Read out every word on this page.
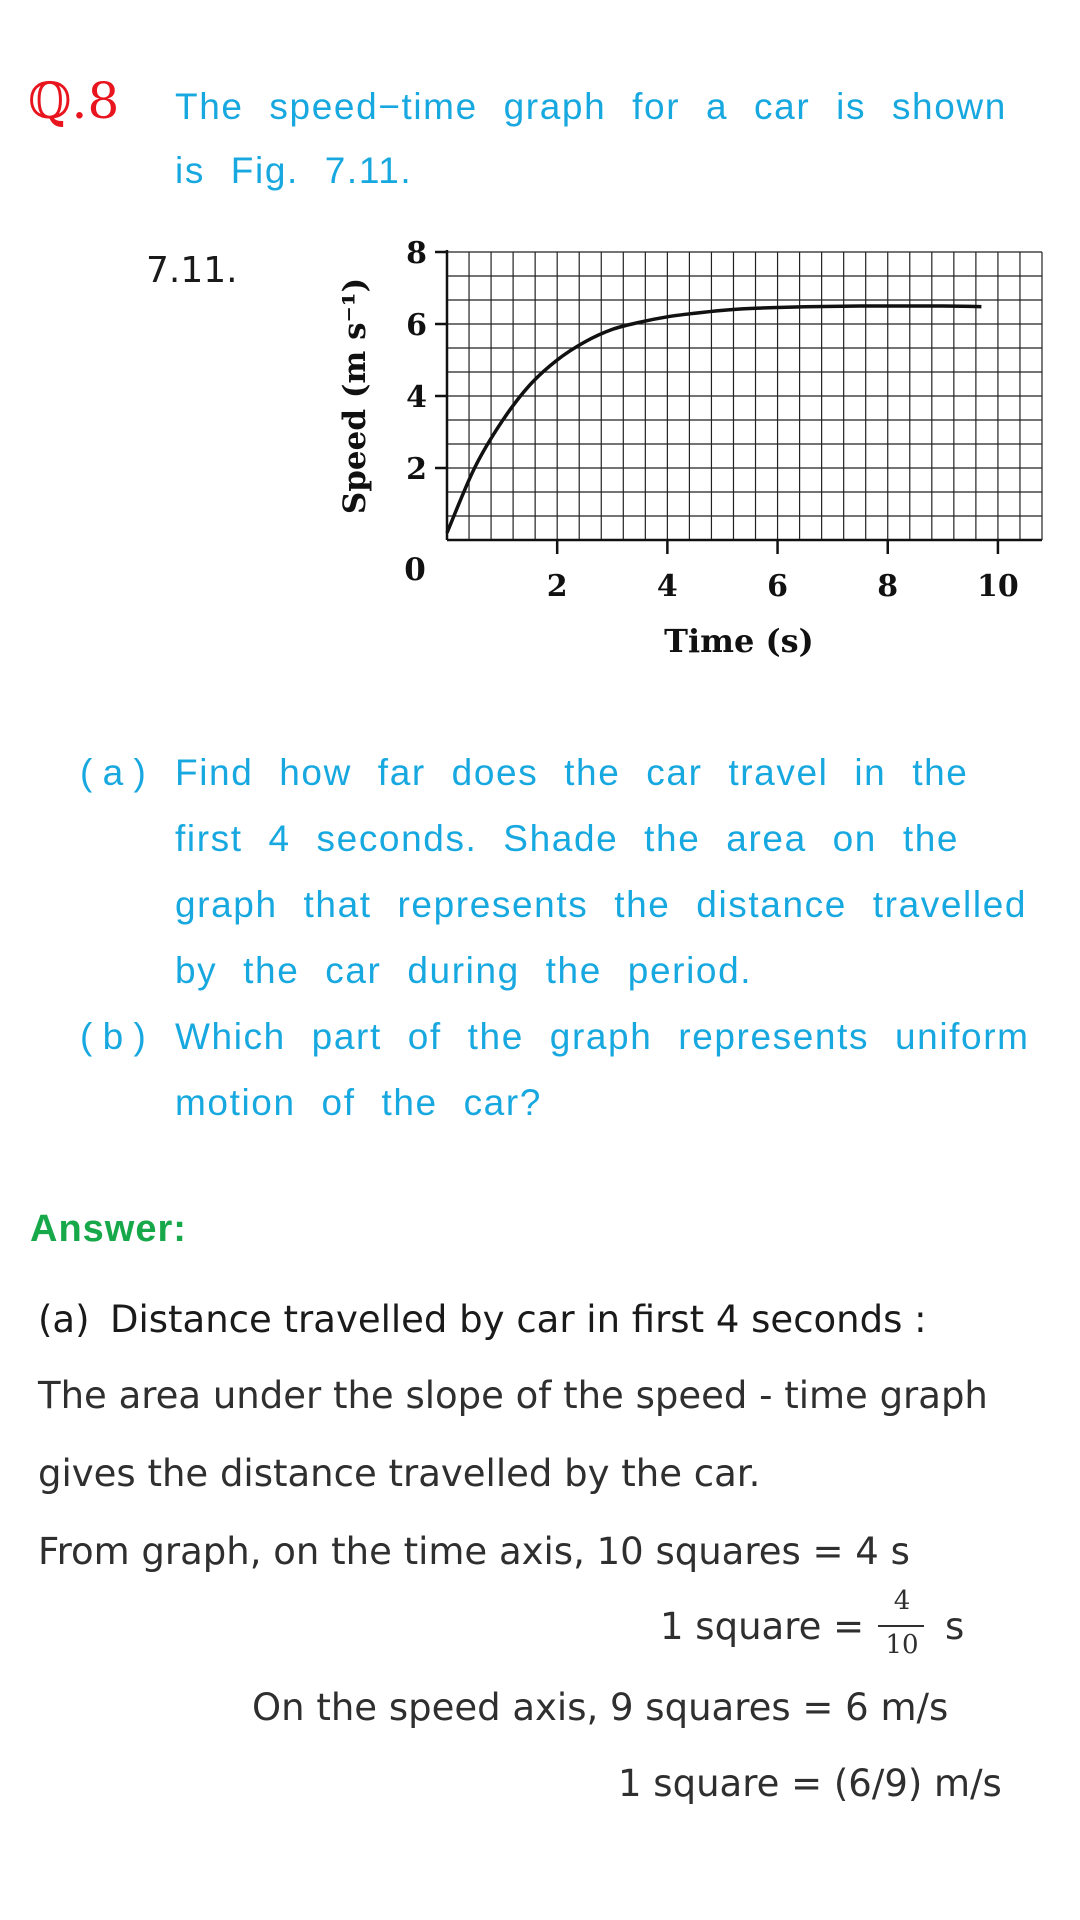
ℚ.8 The speed−time graph for a car is shown
is Fig. 7.11.
7.11.
2
4
6
8
2	4	6	8	10
Speed (m s⁻¹)
Time (s)
0
( a ) Find how far does the car travel in the
first 4 seconds. Shade the area on the
graph that represents the distance travelled
by the car during the period.
( b ) Which part of the graph represents uniform
motion of the car?
Answer:
(a) Distance travelled by car in first 4 seconds :
The area under the slope of the speed - time graph
gives the distance travelled by the car.
From graph, on the time axis, 10 squares = 4 s
1 square =
4
10 s
On the speed axis, 9 squares = 6 m/s
1 square = (6/9) m/s
